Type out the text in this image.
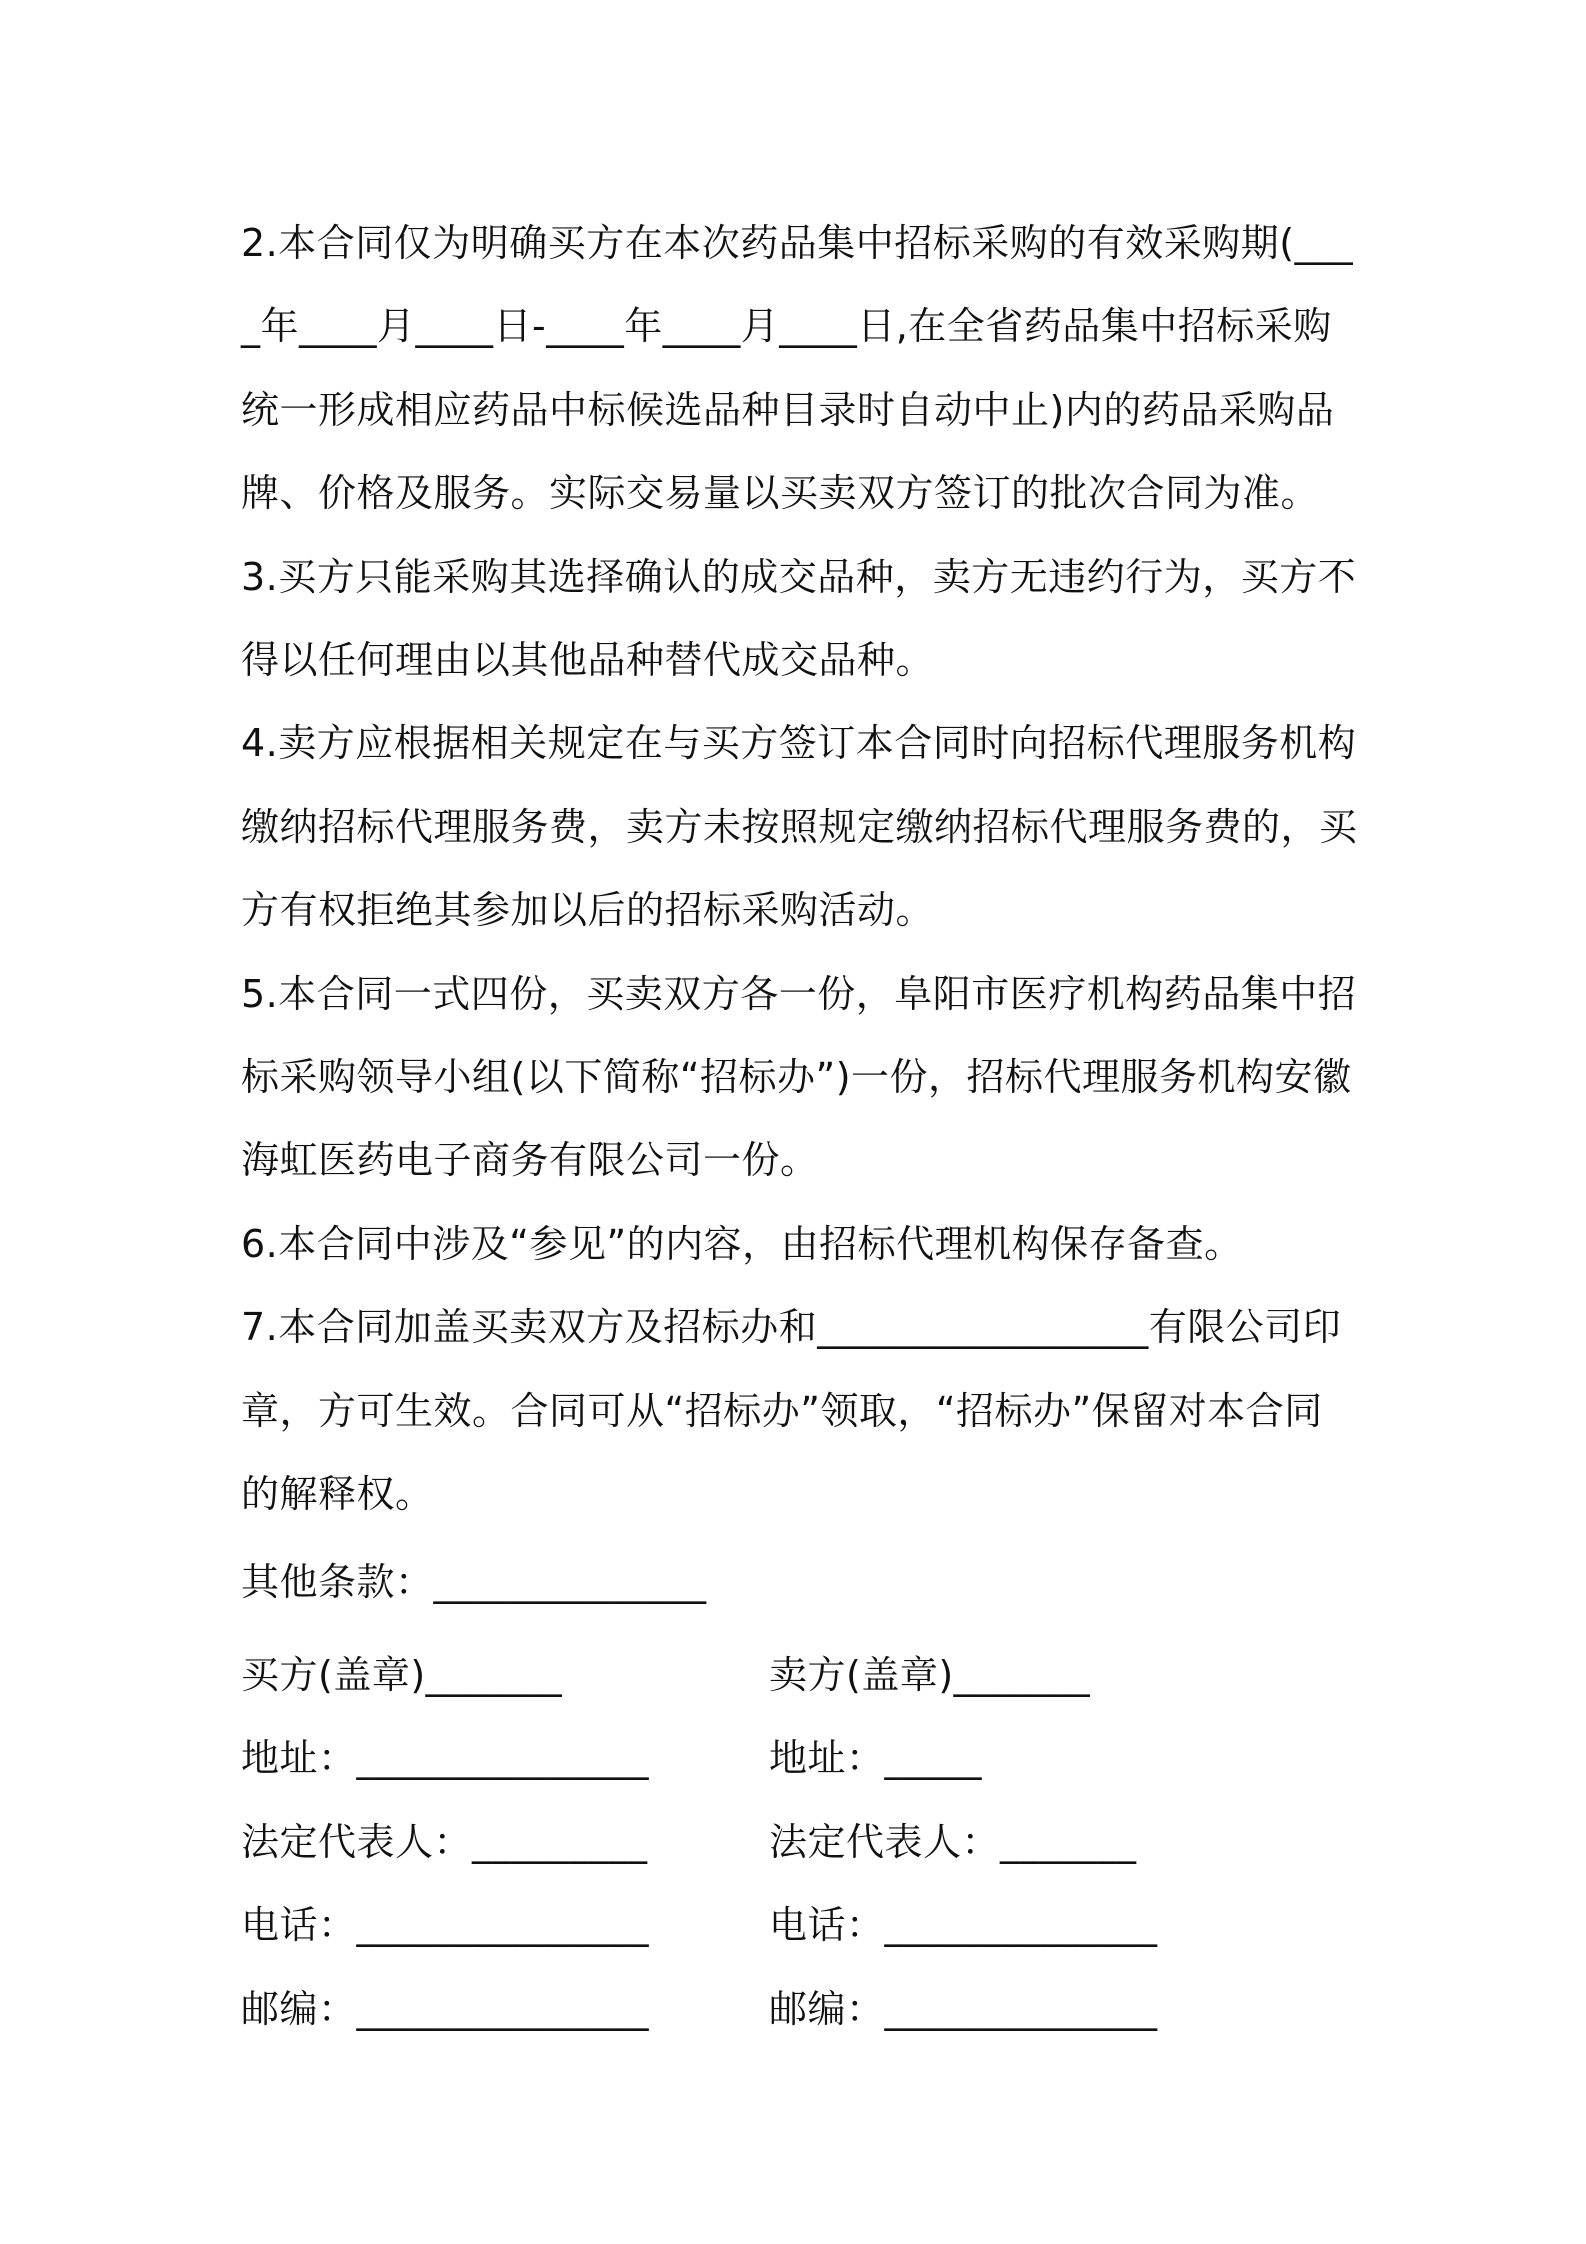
2.本合同仅为明确买方在本次药品集中招标采购的有效采购期(____年____月____日-____年____月____日,在全省药品集中招标采购统一形成相应药品中标候选品种目录时自动中止)内的药品采购品牌、价格及服务。实际交易量以买卖双方签订的批次合同为准。

3.买方只能采购其选择确认的成交品种，卖方无违约行为，买方不得以任何理由以其他品种替代成交品种。

4.卖方应根据相关规定在与买方签订本合同时向招标代理服务机构缴纳招标代理服务费，卖方未按照规定缴纳招标代理服务费的，买方有权拒绝其参加以后的招标采购活动。

5.本合同一式四份，买卖双方各一份，阜阳市医疗机构药品集中招标采购领导小组(以下简称“招标办”)一份，招标代理服务机构安徽海虹医药电子商务有限公司一份。

6.本合同中涉及“参见”的内容，由招标代理机构保存备查。

7.本合同加盖买卖双方及招标办和_________________有限公司印章，方可生效。合同可从“招标办”领取，“招标办”保留对本合同的解释权。

其他条款：______________
买方(盖章)_______	卖方(盖章)_______
地址：_______________	地址：_____
法定代表人：_________	法定代表人：_______
电话：_______________	电话：______________
邮编：_______________	邮编：______________
